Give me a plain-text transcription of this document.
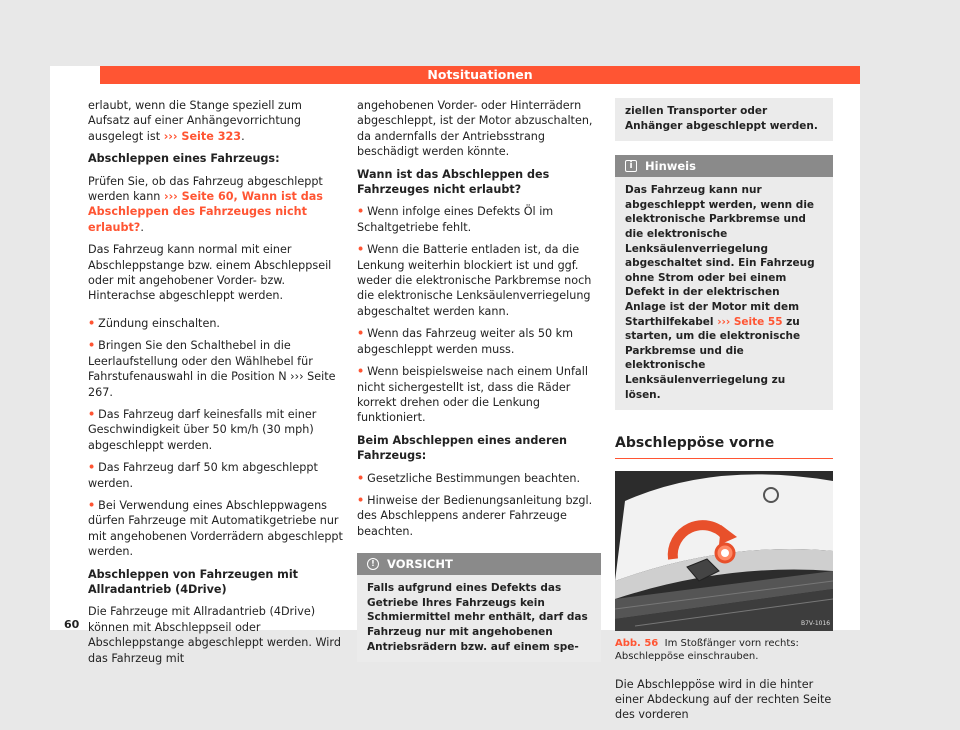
Notsituationen

erlaubt, wenn die Stange speziell zum Aufsatz auf einer Anhängevorrichtung ausgelegt ist ››› Seite 323.

Abschleppen eines Fahrzeugs:

Prüfen Sie, ob das Fahrzeug abgeschleppt werden kann ››› Seite 60, Wann ist das Abschleppen des Fahrzeuges nicht erlaubt?.

Das Fahrzeug kann normal mit einer Abschleppstange bzw. einem Abschleppseil oder mit angehobener Vorder- bzw. Hinterachse abgeschleppt werden.

• Zündung einschalten.

• Bringen Sie den Schalthebel in die Leerlaufstellung oder den Wählhebel für Fahrstufenauswahl in die Position N ››› Seite 267.

• Das Fahrzeug darf keinesfalls mit einer Geschwindigkeit über 50 km/h (30 mph) abgeschleppt werden.

• Das Fahrzeug darf 50 km abgeschleppt werden.

• Bei Verwendung eines Abschleppwagens dürfen Fahrzeuge mit Automatikgetriebe nur mit angehobenen Vorderrädern abgeschleppt werden.

Abschleppen von Fahrzeugen mit Allradantrieb (4Drive)

Die Fahrzeuge mit Allradantrieb (4Drive) können mit Abschleppseil oder Abschleppstange abgeschleppt werden. Wird das Fahrzeug mit

angehobenen Vorder- oder Hinterrädern abgeschleppt, ist der Motor abzuschalten, da andernfalls der Antriebsstrang beschädigt werden könnte.

Wann ist das Abschleppen des Fahrzeuges nicht erlaubt?

• Wenn infolge eines Defekts Öl im Schaltgetriebe fehlt.

• Wenn die Batterie entladen ist, da die Lenkung weiterhin blockiert ist und ggf. weder die elektronische Parkbremse noch die elektronische Lenksäulenverriegelung abgeschaltet werden kann.

• Wenn das Fahrzeug weiter als 50 km abgeschleppt werden muss.

• Wenn beispielsweise nach einem Unfall nicht sichergestellt ist, dass die Räder korrekt drehen oder die Lenkung funktioniert.

Beim Abschleppen eines anderen Fahrzeugs:

• Gesetzliche Bestimmungen beachten.

• Hinweise der Bedienungsanleitung bzgl. des Abschleppens anderer Fahrzeuge beachten.

!	VORSICHT
Falls aufgrund eines Defekts das Getriebe Ihres Fahrzeugs kein Schmiermittel mehr enthält, darf das Fahrzeug nur mit angehobenen Antriebsrädern bzw. auf einem spe-
ziellen Transporter oder Anhänger abgeschleppt werden.
i	Hinweis
Das Fahrzeug kann nur abgeschleppt werden, wenn die elektronische Parkbremse und die elektronische Lenksäulenverriegelung abgeschaltet sind. Ein Fahrzeug ohne Strom oder bei einem Defekt in der elektrischen Anlage ist der Motor mit dem Starthilfekabel ››› Seite 55 zu starten, um die elektronische Parkbremse und die elektronische Lenksäulenverriegelung zu lösen.
Abschleppöse vorne
B7V-1016
Abb. 56 Im Stoßfänger vorn rechts: Abschleppöse einschrauben.

Die Abschleppöse wird in die hinter einer Abdeckung auf der rechten Seite des vorderen

60
